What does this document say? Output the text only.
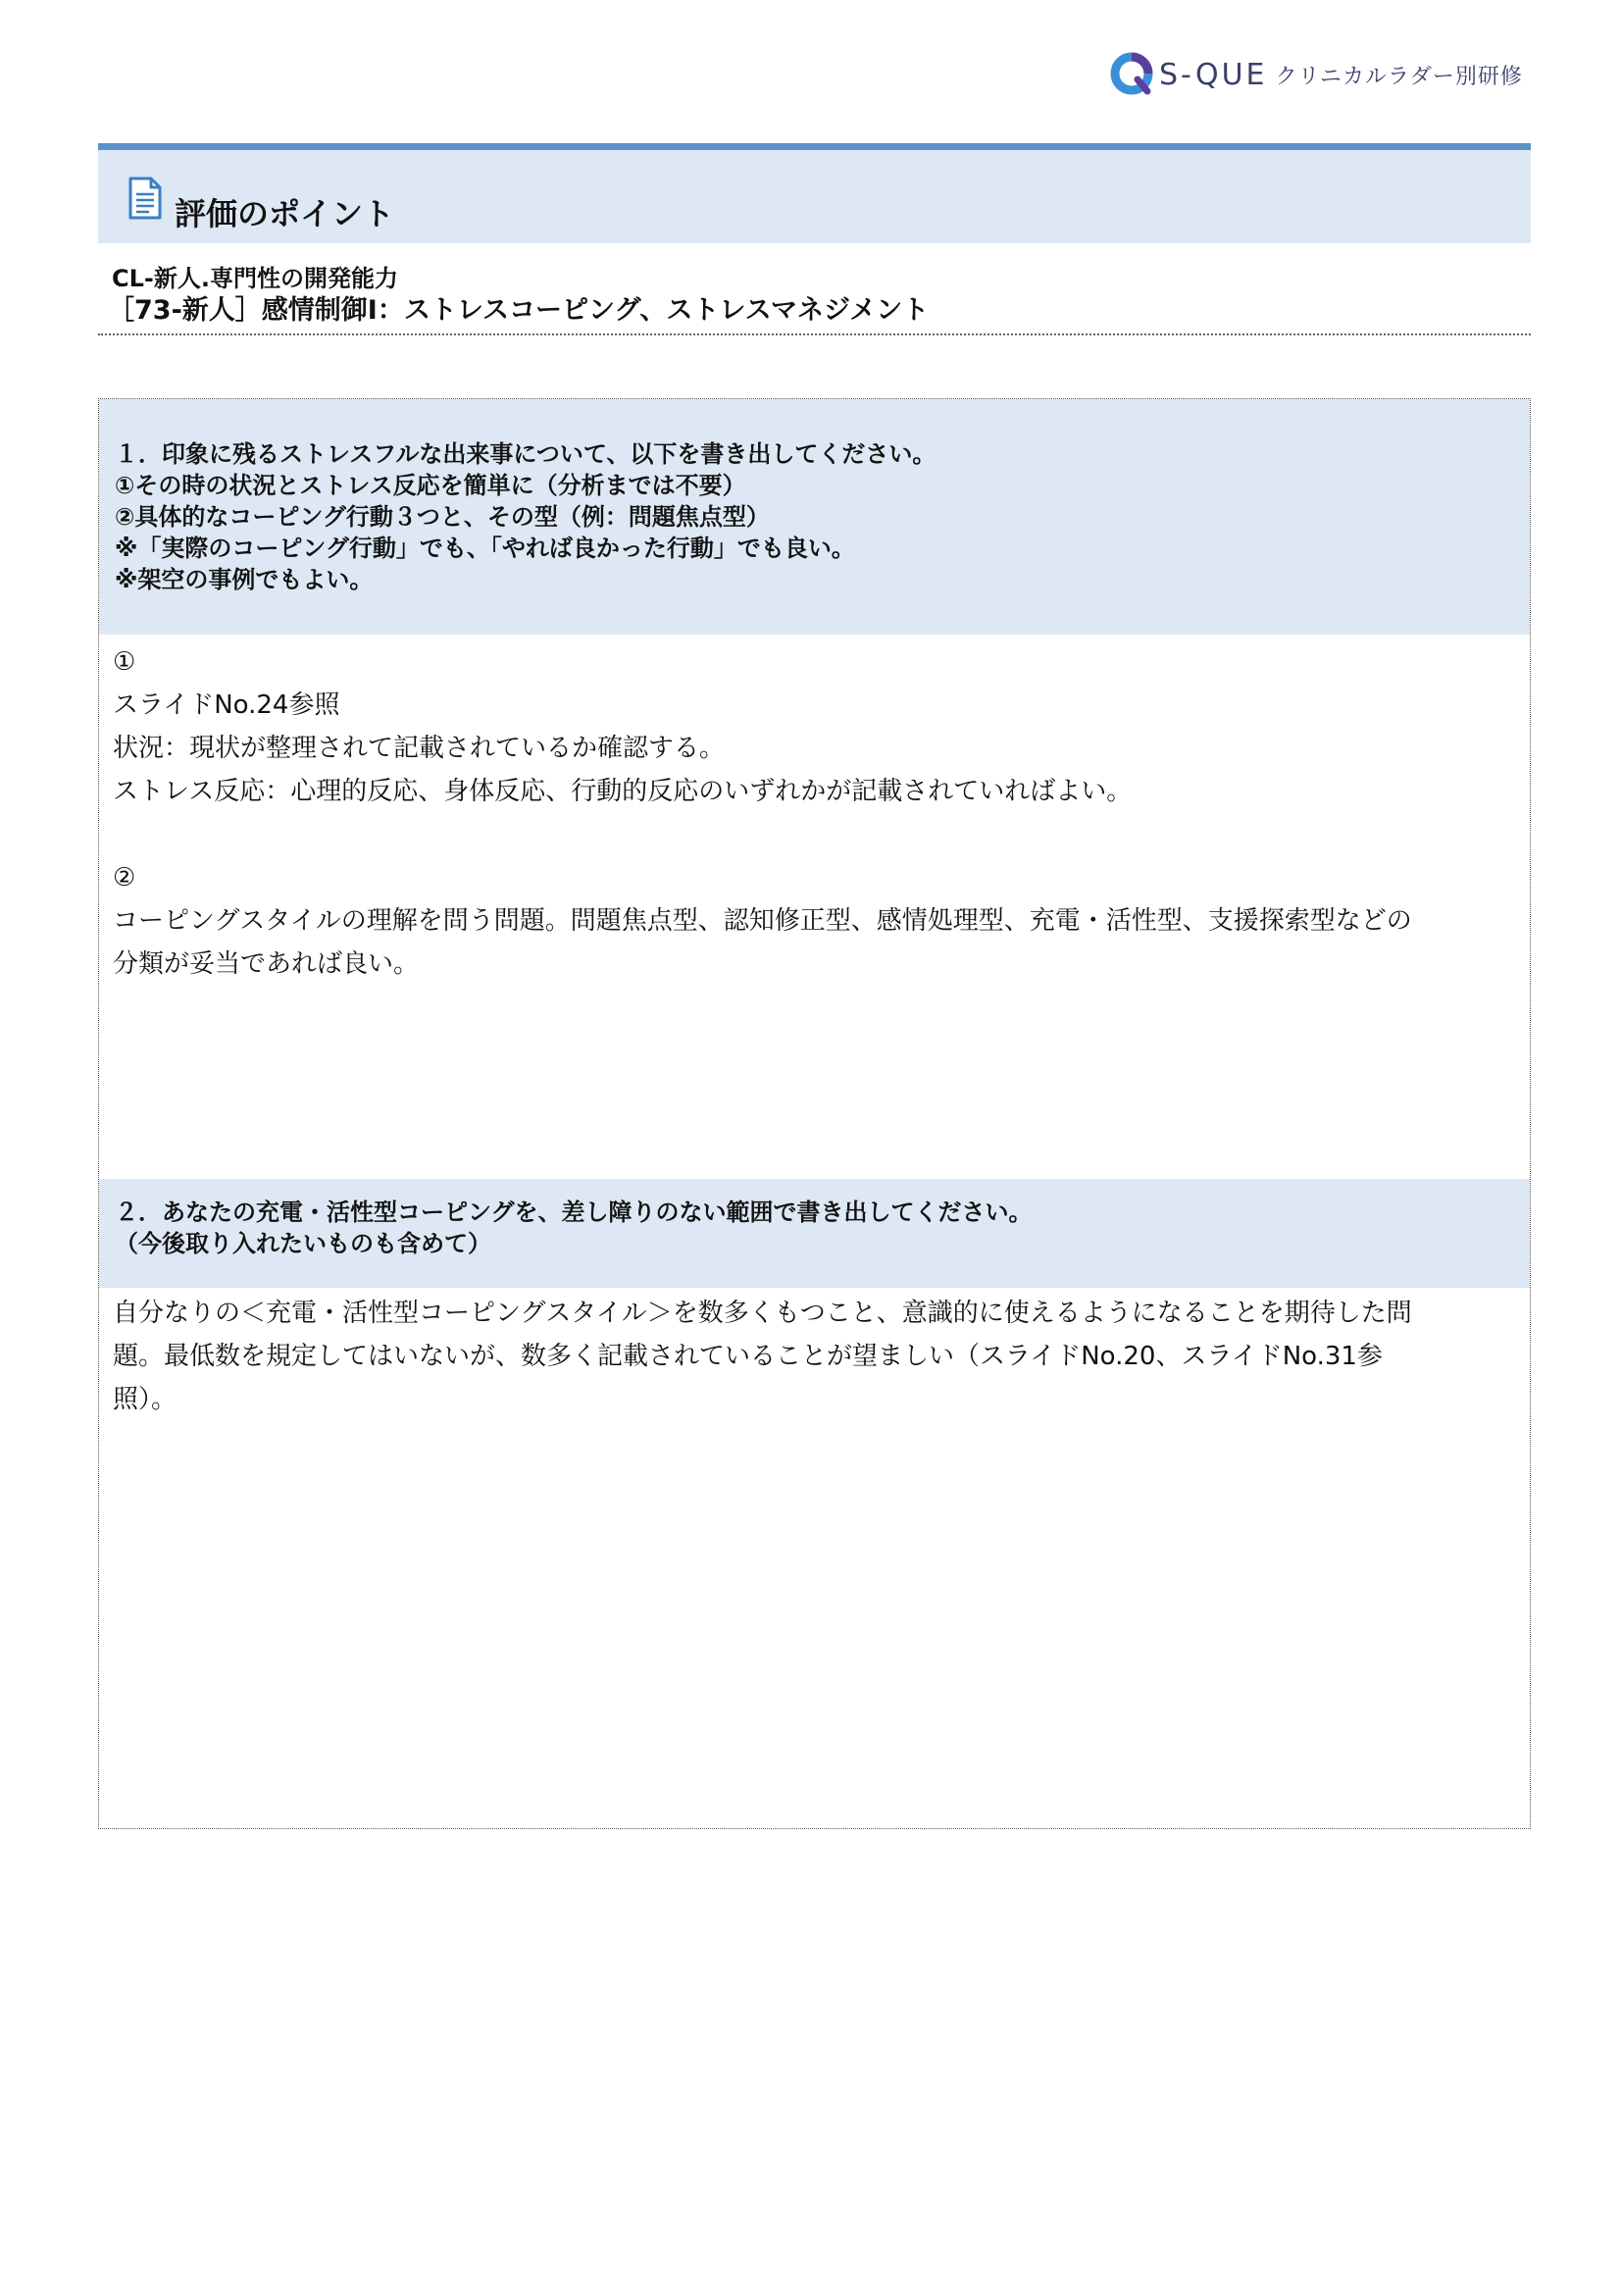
S-QUE クリニカルラダー別研修
評価のポイント
CL-新人.専門性の開発能力
［73-新人］感情制御Ⅰ：ストレスコーピング、ストレスマネジメント
１．印象に残るストレスフルな出来事について、以下を書き出してください。
①その時の状況とストレス反応を簡単に（分析までは不要）
②具体的なコーピング行動３つと、その型（例：問題焦点型）
※「実際のコーピング行動」でも、「やれば良かった行動」でも良い。
※架空の事例でもよい。
①
スライドNo.24参照
状況：現状が整理されて記載されているか確認する。
ストレス反応：心理的反応、身体反応、行動的反応のいずれかが記載されていればよい。
②
コーピングスタイルの理解を問う問題。問題焦点型、認知修正型、感情処理型、充電・活性型、支援探索型などの
分類が妥当であれば良い。
２．あなたの充電・活性型コーピングを、差し障りのない範囲で書き出してください。
（今後取り入れたいものも含めて）
自分なりの＜充電・活性型コーピングスタイル＞を数多くもつこと、意識的に使えるようになることを期待した問
題。最低数を規定してはいないが、数多く記載されていることが望ましい（スライドNo.20、スライドNo.31参
照）。
